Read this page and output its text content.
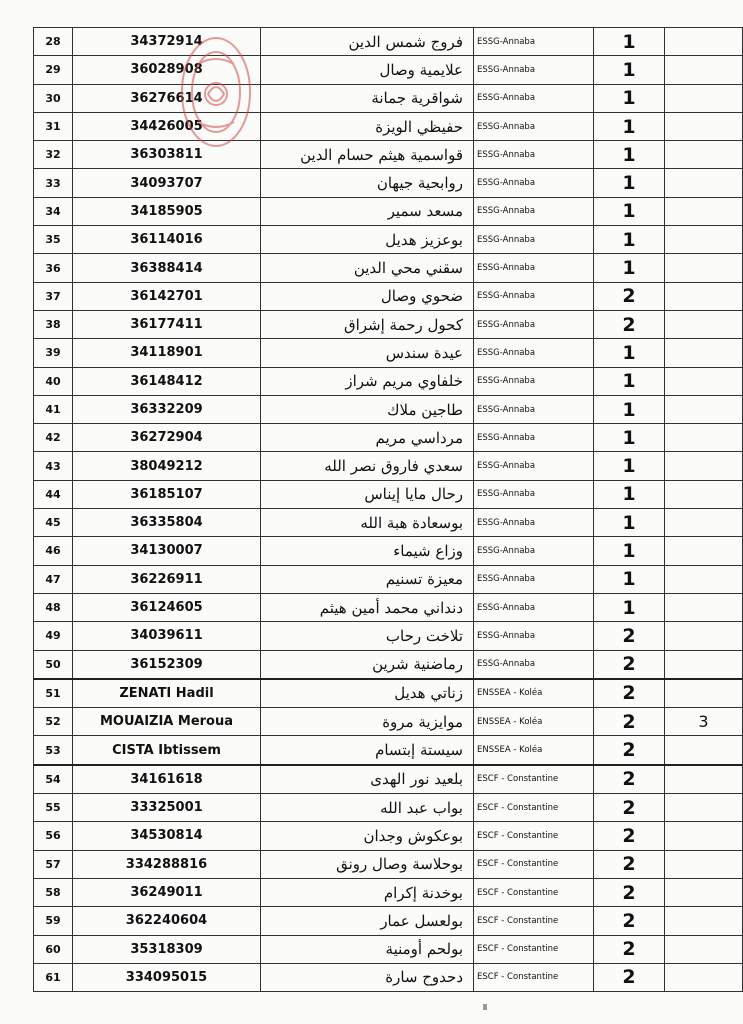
28	34372914	فروج شمس الدين	ESSG-Annaba	1	
29	36028908	علايمية وصال	ESSG-Annaba	1	
30	36276614	شواقرية جمانة	ESSG-Annaba	1	
31	34426005	حفيظي الويزة	ESSG-Annaba	1	
32	36303811	قواسمية هيثم حسام الدين	ESSG-Annaba	1	
33	34093707	روابحية جيهان	ESSG-Annaba	1	
34	34185905	مسعد سمير	ESSG-Annaba	1	
35	36114016	بوعزيز هديل	ESSG-Annaba	1	
36	36388414	سقني محي الدين	ESSG-Annaba	1	
37	36142701	ضحوي وصال	ESSG-Annaba	2	
38	36177411	كحول رحمة إشراق	ESSG-Annaba	2	
39	34118901	عيدة سندس	ESSG-Annaba	1	
40	36148412	خلفاوي مريم شراز	ESSG-Annaba	1	
41	36332209	طاجين ملاك	ESSG-Annaba	1	
42	36272904	مرداسي مريم	ESSG-Annaba	1	
43	38049212	سعدي فاروق نصر الله	ESSG-Annaba	1	
44	36185107	رحال مايا إيناس	ESSG-Annaba	1	
45	36335804	بوسعادة هبة الله	ESSG-Annaba	1	
46	34130007	وزاع شيماء	ESSG-Annaba	1	
47	36226911	معيزة تسنيم	ESSG-Annaba	1	
48	36124605	دنداني محمد أمين هيثم	ESSG-Annaba	1	
49	34039611	تلاخت رحاب	ESSG-Annaba	2	
50	36152309	رماضنية شرين	ESSG-Annaba	2	
51	ZENATI Hadil	زناتي هديل	ENSSEA - Koléa	2	
52	MOUAIZIA Meroua	موايزية مروة	ENSSEA - Koléa	2	3
53	CISTA Ibtissem	سيستة إبتسام	ENSSEA - Koléa	2	
54	34161618	بلعيد نور الهدى	ESCF - Constantine	2	
55	33325001	بواب عبد الله	ESCF - Constantine	2	
56	34530814	بوعكوش وجدان	ESCF - Constantine	2	
57	334288816	بوحلاسة وصال رونق	ESCF - Constantine	2	
58	36249011	بوخدنة إكرام	ESCF - Constantine	2	
59	362240604	بولعسل عمار	ESCF - Constantine	2	
60	35318309	بولحم أومنية	ESCF - Constantine	2	
61	334095015	دحدوح سارة	ESCF - Constantine	2	
